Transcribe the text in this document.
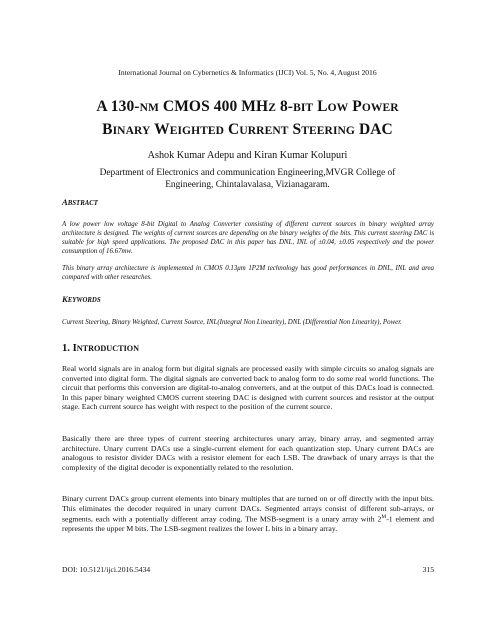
International Journal on Cybernetics & Informatics (IJCI) Vol. 5, No. 4, August 2016
A 130-NM CMOS 400 MHZ 8-BIT LOW POWER
BINARY WEIGHTED CURRENT STEERING DAC
Ashok Kumar Adepu and Kiran Kumar Kolupuri
Department of Electronics and communication Engineering,MVGR College of
Engineering, Chintalavalasa, Vizianagaram.
ABSTRACT
A low power low voltage 8-bit Digital to Analog Converter consisting of different current sources in binary weighted array architecture is designed. The weights of current sources are depending on the binary weights of the bits. This current steering DAC is suitable for high speed applications. The proposed DAC in this paper has DNL, INL of ±0.04, ±0.05 respectively and the power consumption of 16.67mw.
This binary array architecture is implemented in CMOS 0.13μm 1P2M technology has good performances in DNL, INL and area compared with other researches.
KEYWORDS
Current Steering, Binary Weighted, Current Source, INL(Integral Non Linearity), DNL (Differential Non Linearity), Power.
1. INTRODUCTION
Real world signals are in analog form but digital signals are processed easily with simple circuits so analog signals are converted into digital form. The digital signals are converted back to analog form to do some real world functions. The circuit that performs this conversion are digital-to-analog converters, and at the output of this DACs load is connected. In this paper binary weighted CMOS current steering DAC is designed with current sources and resistor at the output stage. Each current source has weight with respect to the position of the current source.
Basically there are three types of current steering architectures unary array, binary array, and segmented array architecture. Unary current DACs use a single-current element for each quantization step. Unary current DACs are analogous to resistor divider DACs with a resistor element for each LSB. The drawback of unary arrays is that the complexity of the digital decoder is exponentially related to the resolution.
Binary current DACs group current elements into binary multiples that are turned on or off directly with the input bits. This eliminates the decoder required in unary current DACs. Segmented arrays consist of different sub-arrays, or segments, each with a potentially different array coding. The MSB-segment is a unary array with $2^M-1$ element and represents the upper M bits. The LSB-segment realizes the lower L bits in a binary array.
DOI: 10.5121/ijci.2016.5434	315
